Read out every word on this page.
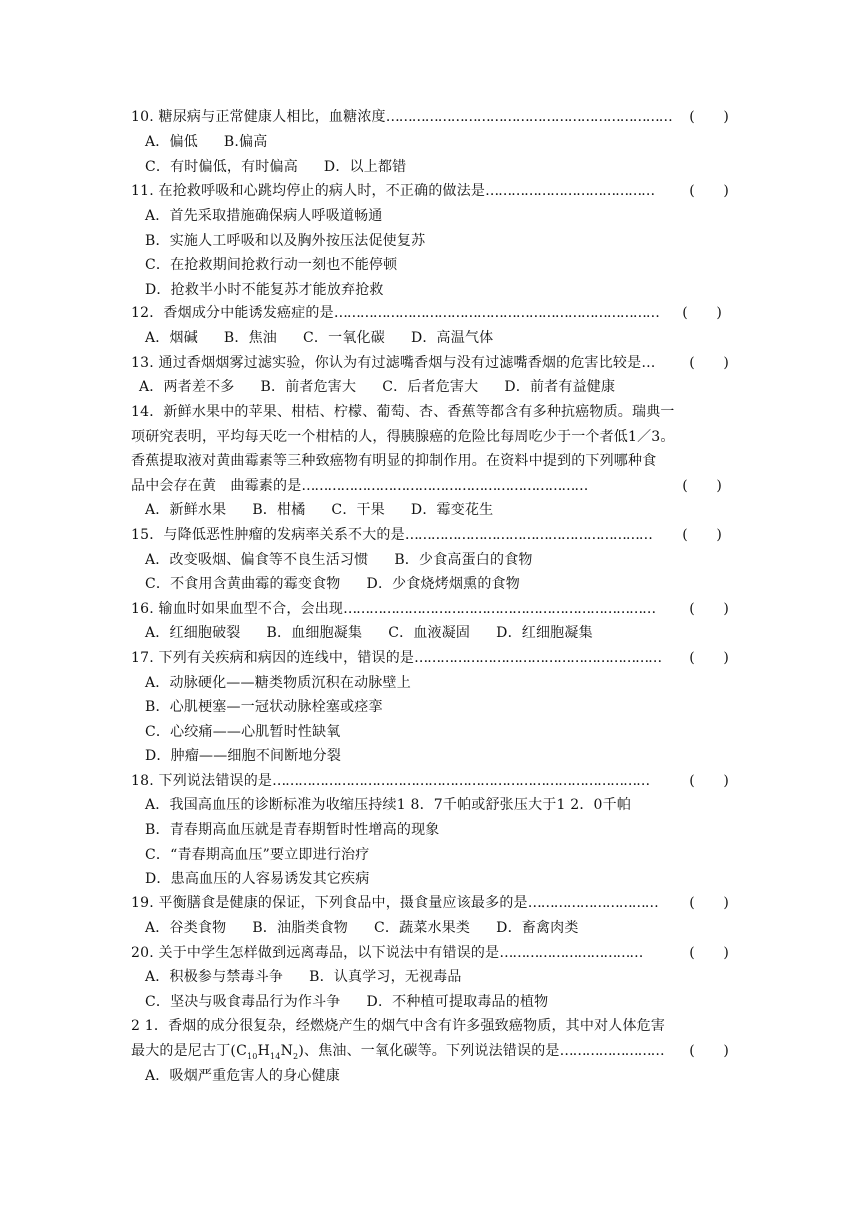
10. 糖尿病与正常健康人相比，血糖浓度………………………………………………………… (　　)
A．偏低 B.偏高
C．有时偏低，有时偏高 D．以上都错
11. 在抢救呼吸和心跳均停止的病人时，不正确的做法是…………………………………	(　　)
A．首先采取措施确保病人呼吸道畅通
B．实施人工呼吸和以及胸外按压法促使复苏
C．在抢救期间抢救行动一刻也不能停顿
D．抢救半小时不能复苏才能放弃抢救
12．香烟成分中能诱发癌症的是………………………………………………………………… (　　)
A．烟碱 B．焦油 C．一氧化碳 D．高温气体
13. 通过香烟烟雾过滤实验，你认为有过滤嘴香烟与没有过滤嘴香烟的危害比较是… (　　)
A．两者差不多 B．前者危害大 C．后者危害大 D．前者有益健康
14．新鲜水果中的苹果、柑桔、柠檬、葡萄、杏、香蕉等都含有多种抗癌物质。瑞典一
项研究表明，平均每天吃一个柑桔的人，得胰腺癌的危险比每周吃少于一个者低1／3。
香蕉提取液对黄曲霉素等三种致癌物有明显的抑制作用。在资料中提到的下列哪种食
品中会存在黄　曲霉素的是…………………………………………………………	(　　)
A．新鲜水果 B．柑橘 C．干果 D．霉变花生
15．与降低恶性肿瘤的发病率关系不大的是………………………………………………… (　　)
A．改变吸烟、偏食等不良生活习惯 B．少食高蛋白的食物
C．不食用含黄曲霉的霉变食物 D．少食烧烤烟熏的食物
16. 输血时如果血型不合，会出现……………………………………………………………… (　　)
A．红细胞破裂 B．血细胞凝集 C．血液凝固 D．红细胞凝集
17. 下列有关疾病和病因的连线中，错误的是………………………………………………… (　　)
A．动脉硬化——糖类物质沉积在动脉壁上
B．心肌梗塞—一冠状动脉栓塞或痉挛
C．心绞痛——心肌暂时性缺氧
D．肿瘤——细胞不间断地分裂
18. 下列说法错误的是……………………………………………………………………………	(　　)
A．我国高血压的诊断标准为收缩压持续1 8．7千帕或舒张压大于1 2．0千帕
B．青春期高血压就是青春期暂时性增高的现象
C．“青春期高血压”要立即进行治疗
D．患高血压的人容易诱发其它疾病
19. 平衡膳食是健康的保证，下列食品中，摄食量应该最多的是………………………… (　　)
A．谷类食物 B．油脂类食物 C．蔬菜水果类 D．畜禽肉类
20. 关于中学生怎样做到远离毒品，以下说法中有错误的是……………………………	(　　)
A．积极参与禁毒斗争 B．认真学习，无视毒品
C．坚决与吸食毒品行为作斗争 D．不种植可提取毒品的植物
2 1．香烟的成分很复杂，经燃烧产生的烟气中含有许多强致癌物质，其中对人体危害
最大的是尼古丁$(C_{10}H_{14}N_2)$、焦油、一氧化碳等。下列说法错误的是…………………… (　　)
A．吸烟严重危害人的身心健康
